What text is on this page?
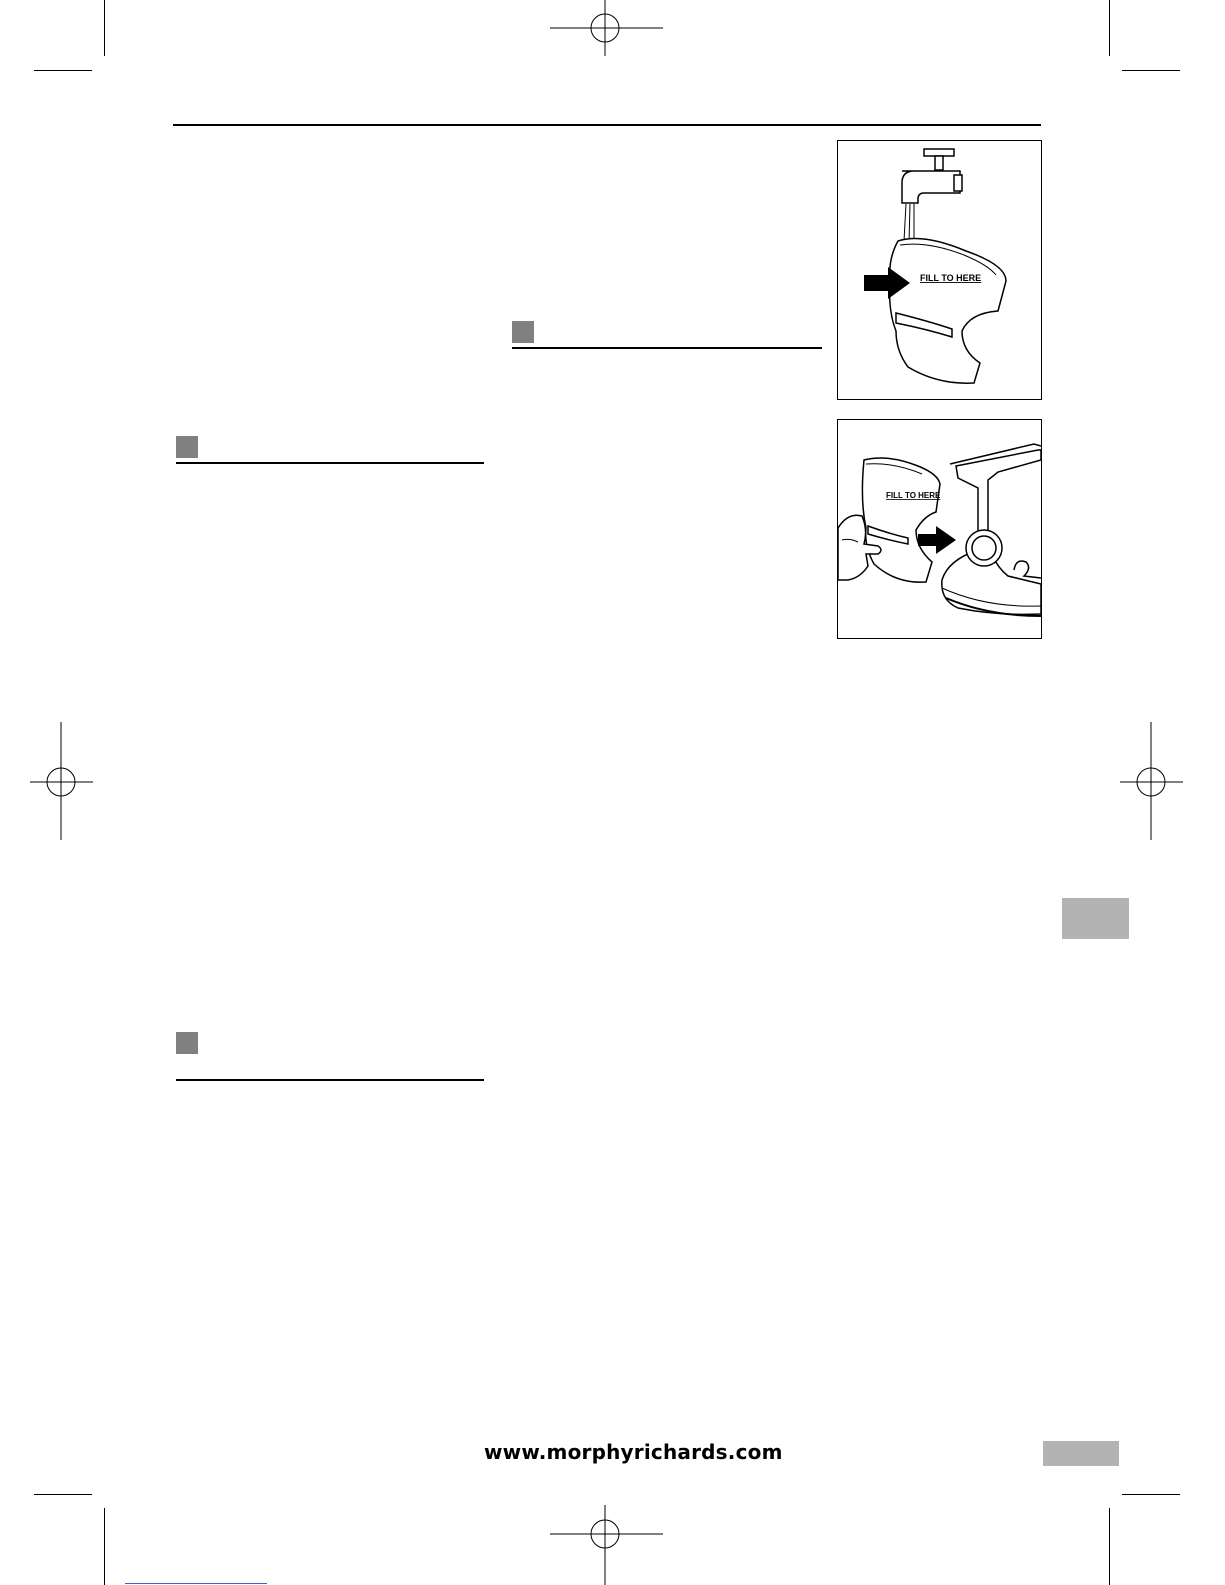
FILL TO HERE
FILL TO HERE
www.morphyrichards.com
